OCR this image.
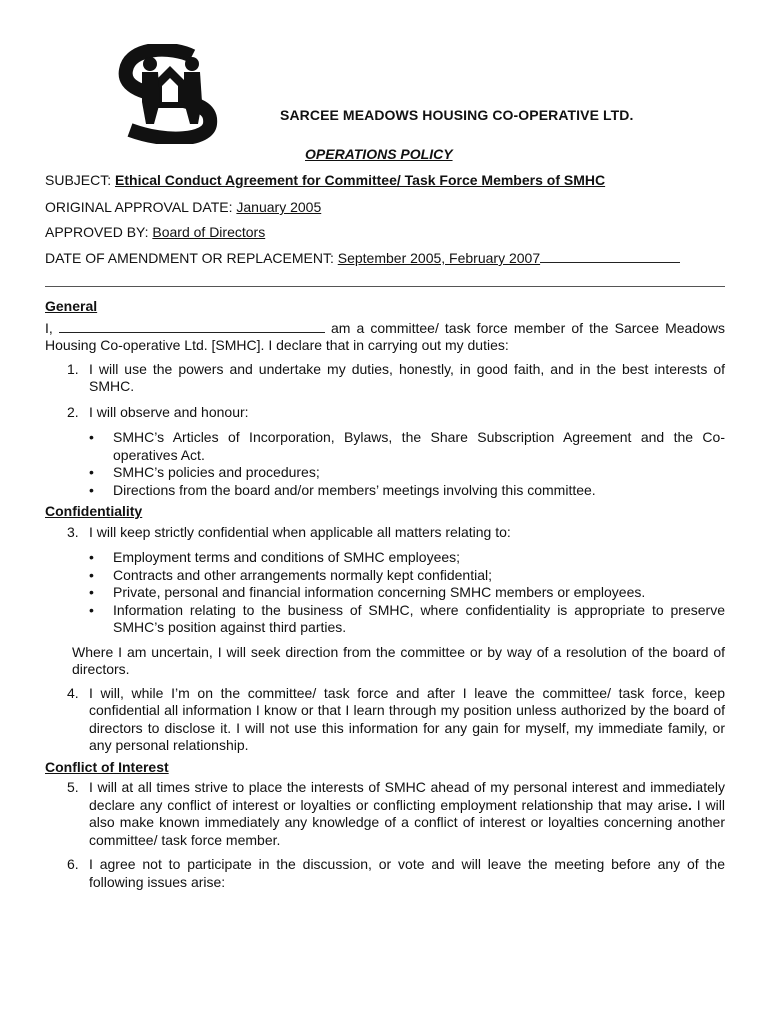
SARCEE MEADOWS HOUSING CO-OPERATIVE LTD.
OPERATIONS POLICY
SUBJECT: Ethical Conduct Agreement for Committee/ Task Force Members of SMHC
ORIGINAL APPROVAL DATE: January 2005
APPROVED BY: Board of Directors
DATE OF AMENDMENT OR REPLACEMENT: September 2005, February 2007

General

I,	am a committee/ task force member of the Sarcee Meadows Housing Co-operative Ltd. [SMHC]. I declare that in carrying out my duties:

1. I will use the powers and undertake my duties, honestly, in good faith, and in the best interests of SMHC.
2. I will observe and honour:
•	SMHC’s Articles of Incorporation, Bylaws, the Share Subscription Agreement and the Co-operatives Act.
•	SMHC’s policies and procedures;
•	Directions from the board and/or members’ meetings involving this committee.

Confidentiality

3. I will keep strictly confidential when applicable all matters relating to:
•	Employment terms and conditions of SMHC employees;
•	Contracts and other arrangements normally kept confidential;
•	Private, personal and financial information concerning SMHC members or employees.
•	Information relating to the business of SMHC, where confidentiality is appropriate to preserve SMHC’s position against third parties.

Where I am uncertain, I will seek direction from the committee or by way of a resolution of the board of directors.

4. I will, while I’m on the committee/ task force and after I leave the committee/ task force, keep confidential all information I know or that I learn through my position unless authorized by the board of directors to disclose it. I will not use this information for any gain for myself, my immediate family, or any personal relationship.

Conflict of Interest

5. I will at all times strive to place the interests of SMHC ahead of my personal interest and immediately declare any conflict of interest or loyalties or conflicting employment relationship that may arise. I will also make known immediately any knowledge of a conflict of interest or loyalties concerning another committee/ task force member.
6. I agree not to participate in the discussion, or vote and will leave the meeting before any of the following issues arise:
